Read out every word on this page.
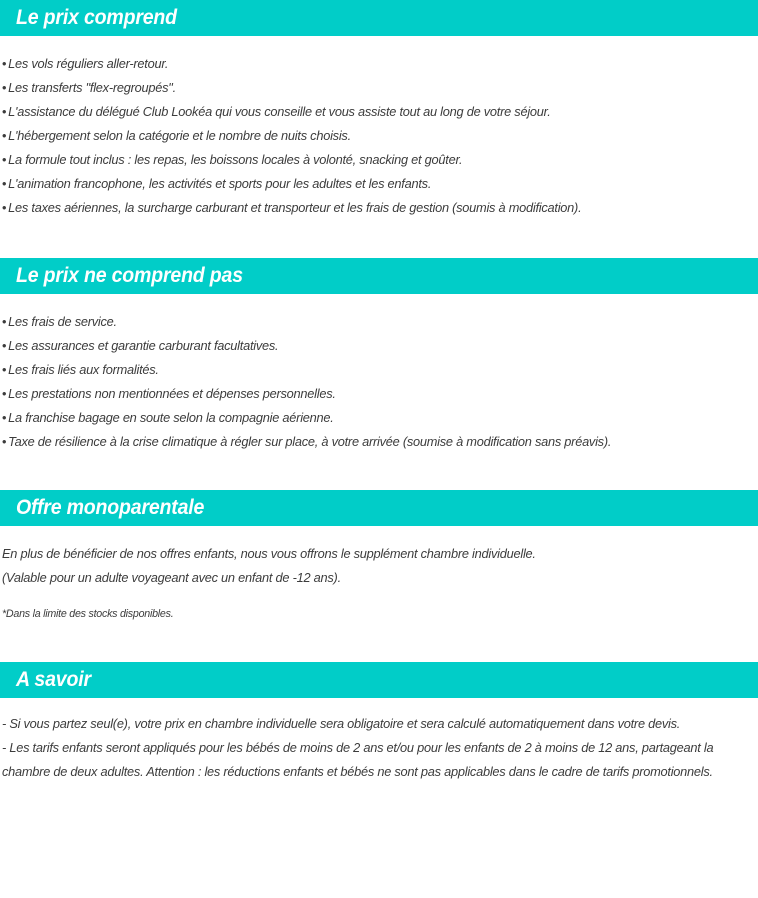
Le prix comprend
• Les vols réguliers aller-retour.
• Les transferts "flex-regroupés".
• L'assistance du délégué Club Lookéa qui vous conseille et vous assiste tout au long de votre séjour.
• L'hébergement selon la catégorie et le nombre de nuits choisis.
• La formule tout inclus : les repas, les boissons locales à volonté, snacking et goûter.
• L'animation francophone, les activités et sports pour les adultes et les enfants.
• Les taxes aériennes, la surcharge carburant et transporteur et les frais de gestion (soumis à modification).
Le prix ne comprend pas
• Les frais de service.
• Les assurances et garantie carburant facultatives.
• Les frais liés aux formalités.
• Les prestations non mentionnées et dépenses personnelles.
• La franchise bagage en soute selon la compagnie aérienne.
• Taxe de résilience à la crise climatique à régler sur place, à votre arrivée (soumise à modification sans préavis).
Offre monoparentale

En plus de bénéficier de nos offres enfants, nous vous offrons le supplément chambre individuelle.

(Valable pour un adulte voyageant avec un enfant de -12 ans).

*Dans la limite des stocks disponibles.

A savoir

- Si vous partez seul(e), votre prix en chambre individuelle sera obligatoire et sera calculé automatiquement dans votre devis.

- Les tarifs enfants seront appliqués pour les bébés de moins de 2 ans et/ou pour les enfants de 2 à moins de 12 ans, partageant la chambre de deux adultes. Attention : les réductions enfants et bébés ne sont pas applicables dans le cadre de tarifs promotionnels.
